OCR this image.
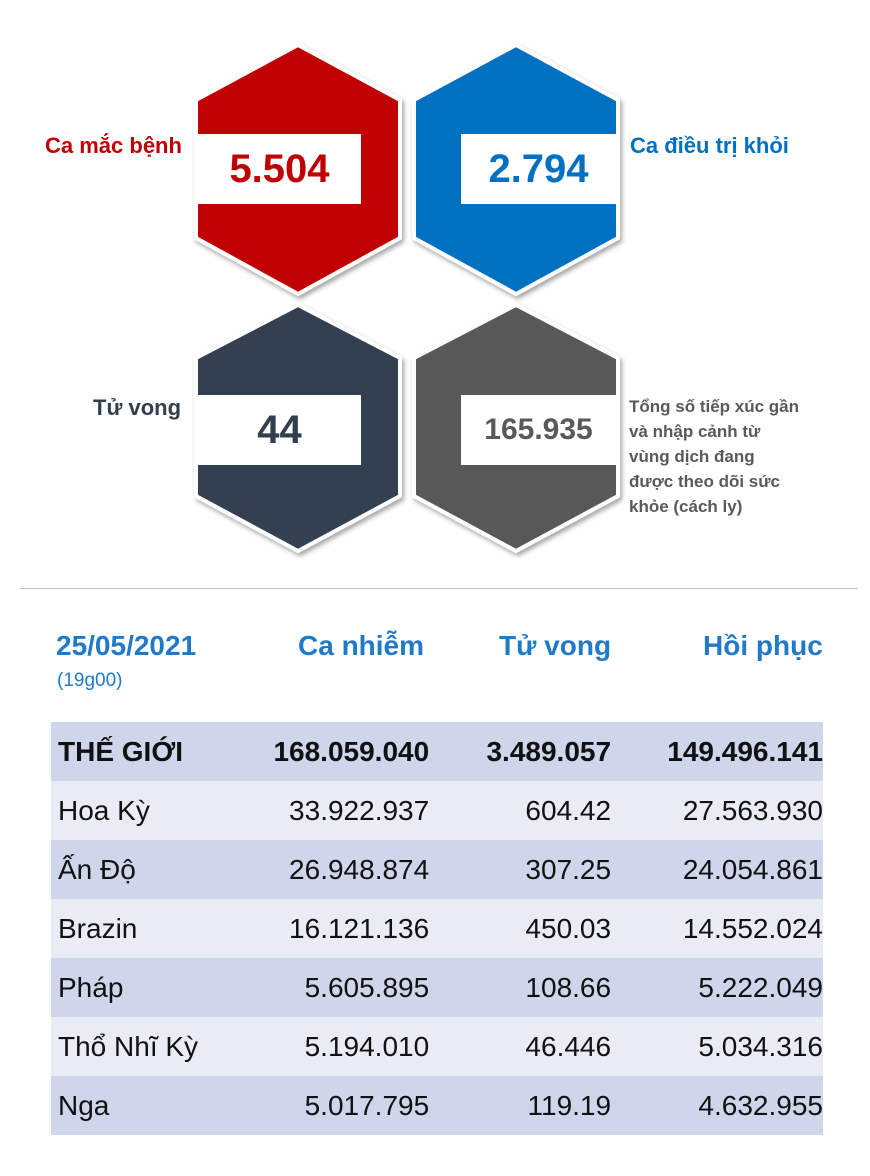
Ca mắc bệnh	Ca điều trị khỏi
Tử vong
5.504	2.794
44	165.935
Tổng số tiếp xúc gần
và nhập cảnh từ
vùng dịch đang
được theo dõi sức
khỏe (cách ly)
25/05/2021
(19g00)
Ca nhiễm	Tử vong	Hồi phục
THẾ GIỚI	168.059.040	3.489.057	149.496.141
Hoa Kỳ	33.922.937	604.42	27.563.930
Ấn Độ	26.948.874	307.25	24.054.861
Brazin	16.121.136	450.03	14.552.024
Pháp	5.605.895	108.66	5.222.049
Thổ Nhĩ Kỳ	5.194.010	46.446	5.034.316
Nga	5.017.795	119.19	4.632.955
